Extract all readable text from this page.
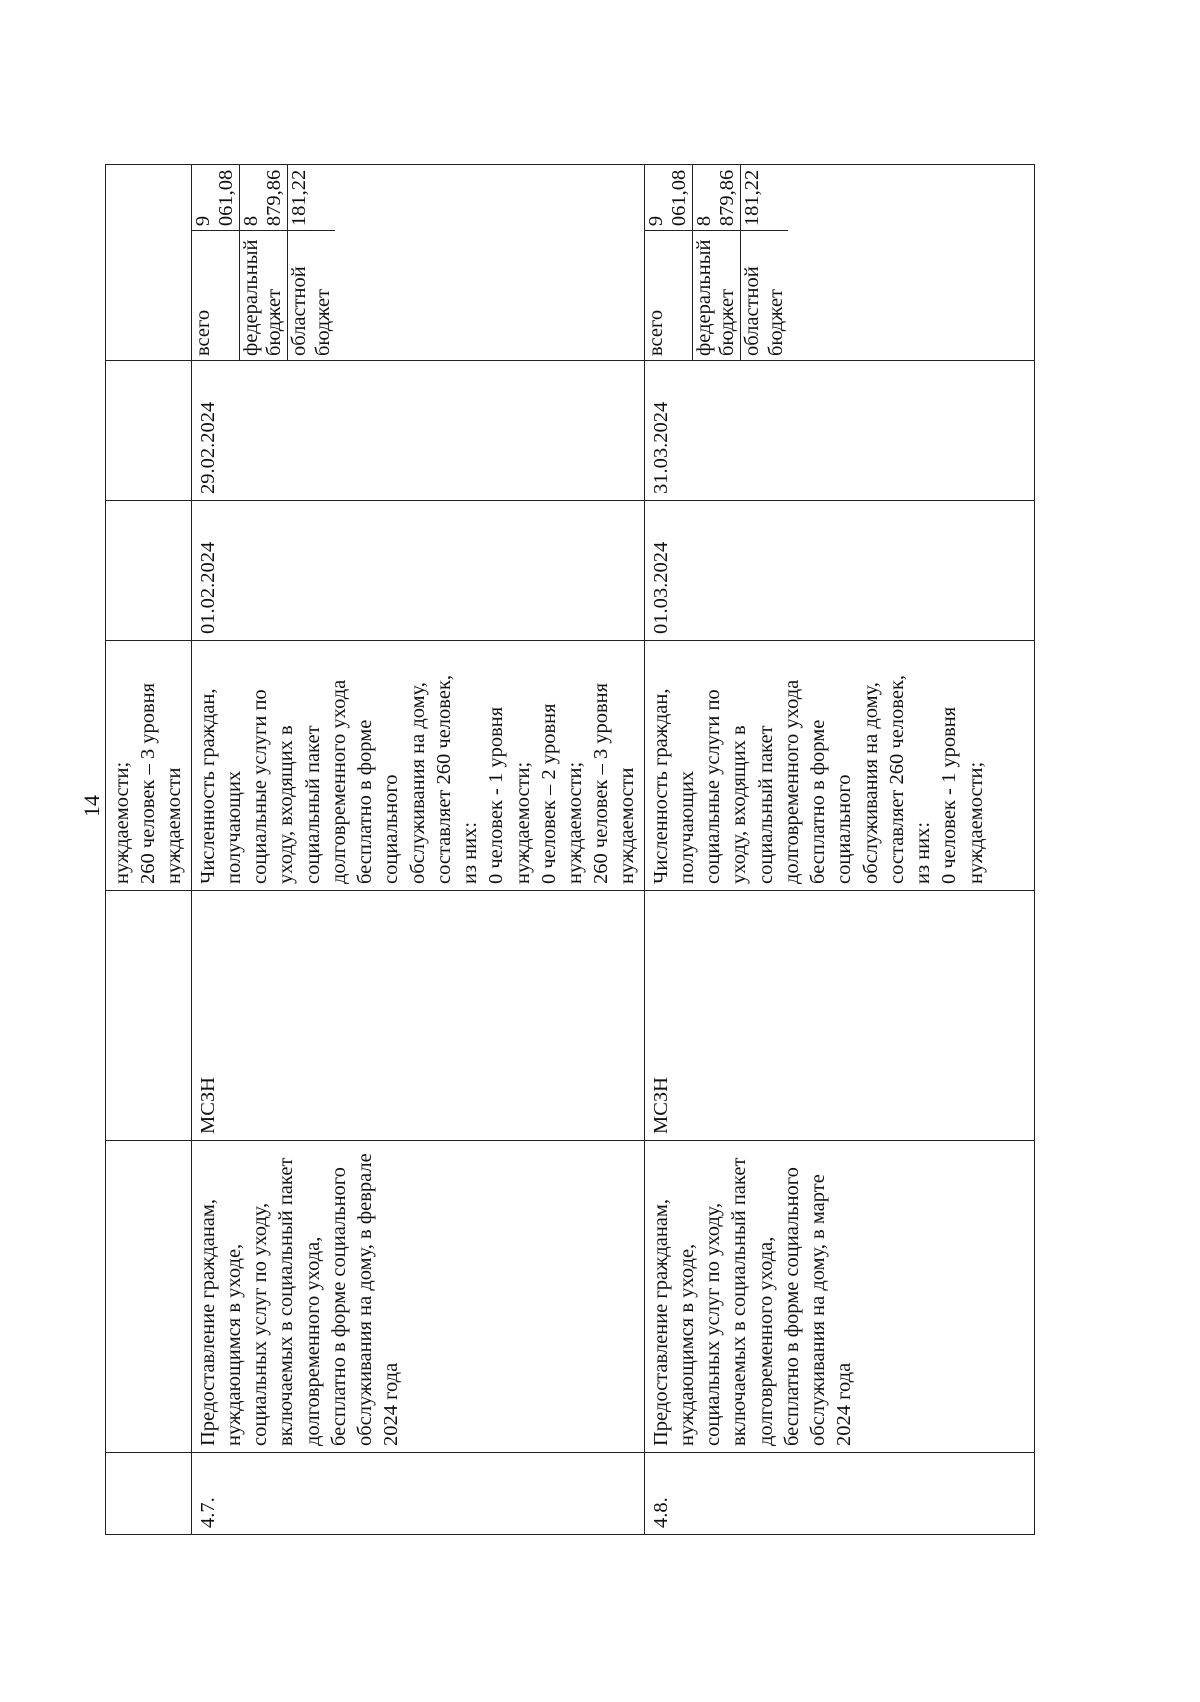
14
			нуждаемости;
260 человек – 3 уровня
нуждаемости			
4.7.	Предоставление гражданам, нуждающимся в уходе, социальных услуг по уходу, включаемых в социальный пакет долговременного ухода, бесплатно в форме социального обслуживания на дому, в феврале 2024 года	МСЗН	Численность граждан,
получающих
социальные услуги по
уходу, входящих в
социальный пакет
долговременного ухода
бесплатно в форме
социального
обслуживания на дому,
составляет 260 человек,
из них:
0 человек - 1 уровня
нуждаемости;
0 человек – 2 уровня
нуждаемости;
260 человек – 3 уровня
нуждаемости	01.02.2024	29.02.2024	
всего	9 061,08
федеральный
бюджет	8 879,86
областной
бюджет	181,22

4.8.	Предоставление гражданам, нуждающимся в уходе, социальных услуг по уходу, включаемых в социальный пакет долговременного ухода, бесплатно в форме социального обслуживания на дому, в марте 2024 года	МСЗН	Численность граждан,
получающих
социальные услуги по
уходу, входящих в
социальный пакет
долговременного ухода
бесплатно в форме
социального
обслуживания на дому,
составляет 260 человек,
из них:
0 человек - 1 уровня
нуждаемости;	01.03.2024	31.03.2024	
всего	9 061,08
федеральный
бюджет	8 879,86
областной
бюджет	181,22
